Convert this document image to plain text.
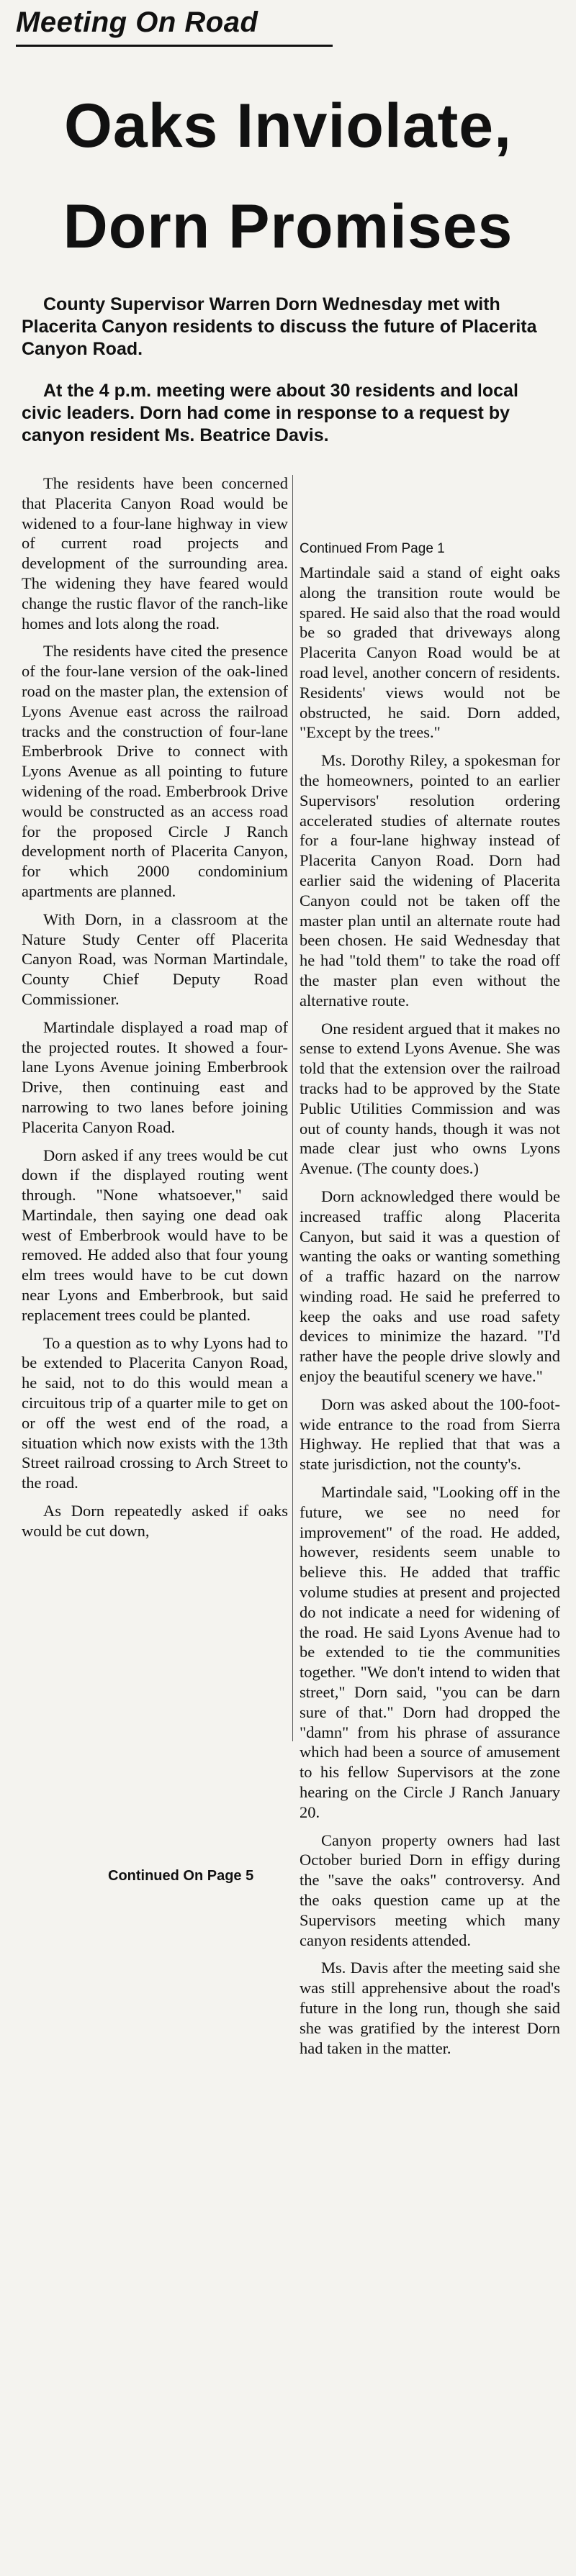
Meeting On Road
Oaks Inviolate,
Dorn Promises

County Supervisor Warren Dorn Wednesday met with Placerita Canyon residents to discuss the future of Placerita Canyon Road.

At the 4 p.m. meeting were about 30 residents and local civic leaders. Dorn had come in response to a request by canyon resident Ms. Beatrice Davis.

The residents have been concerned that Placerita Canyon Road would be widened to a four-lane highway in view of current road projects and development of the surrounding area. The widening they have feared would change the rustic flavor of the ranch-like homes and lots along the road.

The residents have cited the presence of the four-lane version of the oak-lined road on the master plan, the extension of Lyons Avenue east across the railroad tracks and the construction of four-lane Emberbrook Drive to connect with Lyons Avenue as all pointing to future widening of the road. Emberbrook Drive would be constructed as an access road for the proposed Circle J Ranch development north of Placerita Canyon, for which 2000 condominium apartments are planned.

With Dorn, in a classroom at the Nature Study Center off Placerita Canyon Road, was Norman Martindale, County Chief Deputy Road Commissioner.

Martindale displayed a road map of the projected routes. It showed a four-lane Lyons Avenue joining Emberbrook Drive, then continuing east and narrowing to two lanes before joining Placerita Canyon Road.

Dorn asked if any trees would be cut down if the displayed routing went through. "None whatsoever," said Martindale, then saying one dead oak west of Emberbrook would have to be removed. He added also that four young elm trees would have to be cut down near Lyons and Emberbrook, but said replacement trees could be planted.

To a question as to why Lyons had to be extended to Placerita Canyon Road, he said, not to do this would mean a circuitous trip of a quarter mile to get on or off the west end of the road, a situation which now exists with the 13th Street railroad crossing to Arch Street to the road.

As Dorn repeatedly asked if oaks would be cut down,

Continued On Page 5
Continued From Page 1

Martindale said a stand of eight oaks along the transition route would be spared. He said also that the road would be so graded that driveways along Placerita Canyon Road would be at road level, another concern of residents. Residents' views would not be obstructed, he said. Dorn added, "Except by the trees."

Ms. Dorothy Riley, a spokesman for the homeowners, pointed to an earlier Supervisors' resolution ordering accelerated studies of alternate routes for a four-lane highway instead of Placerita Canyon Road. Dorn had earlier said the widening of Placerita Canyon could not be taken off the master plan until an alternate route had been chosen. He said Wednesday that he had "told them" to take the road off the master plan even without the alternative route.

One resident argued that it makes no sense to extend Lyons Avenue. She was told that the extension over the railroad tracks had to be approved by the State Public Utilities Commission and was out of county hands, though it was not made clear just who owns Lyons Avenue. (The county does.)

Dorn acknowledged there would be increased traffic along Placerita Canyon, but said it was a question of wanting the oaks or wanting something of a traffic hazard on the narrow winding road. He said he preferred to keep the oaks and use road safety devices to minimize the hazard. "I'd rather have the people drive slowly and enjoy the beautiful scenery we have."

Dorn was asked about the 100-foot-wide entrance to the road from Sierra Highway. He replied that that was a state jurisdiction, not the county's.

Martindale said, "Looking off in the future, we see no need for improvement" of the road. He added, however, residents seem unable to believe this. He added that traffic volume studies at present and projected do not indicate a need for widening of the road. He said Lyons Avenue had to be extended to tie the communities together. "We don't intend to widen that street," Dorn said, "you can be darn sure of that." Dorn had dropped the "damn" from his phrase of assurance which had been a source of amusement to his fellow Supervisors at the zone hearing on the Circle J Ranch January 20.

Canyon property owners had last October buried Dorn in effigy during the "save the oaks" controversy. And the oaks question came up at the Supervisors meeting which many canyon residents attended.

Ms. Davis after the meeting said she was still apprehensive about the road's future in the long run, though she said she was gratified by the interest Dorn had taken in the matter.
